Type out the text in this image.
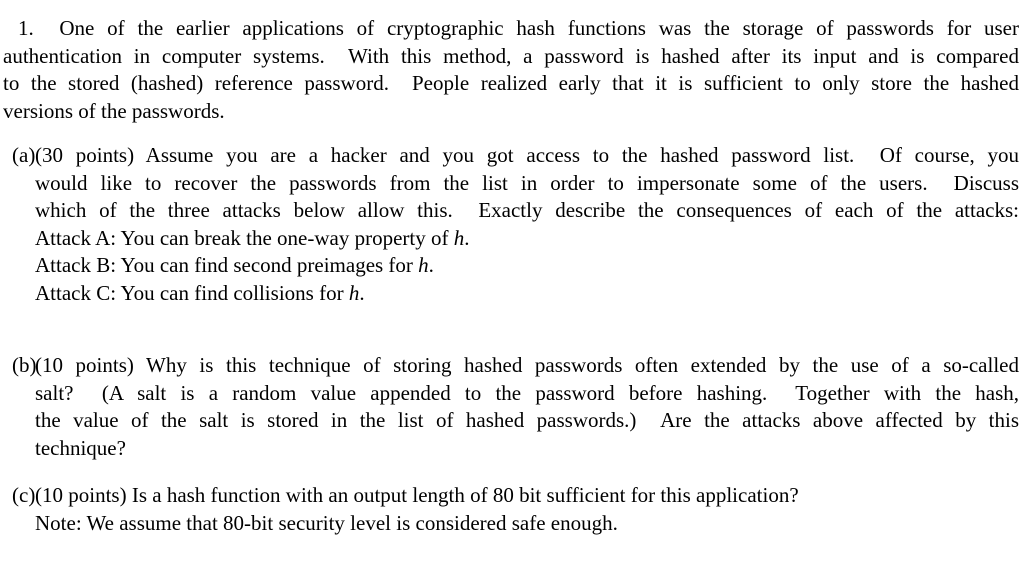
1.  One of the earlier applications of cryptographic hash functions was the storage of passwords for user
authentication in computer systems.  With this method, a password is hashed after its input and is compared
to the stored (hashed) reference password.  People realized early that it is sufficient to only store the hashed
versions of the passwords.
(a) (30 points) Assume you are a hacker and you got access to the hashed password list.  Of course, you
would like to recover the passwords from the list in order to impersonate some of the users.  Discuss
which of the three attacks below allow this.  Exactly describe the consequences of each of the attacks:
Attack A: You can break the one-way property of h.
Attack B: You can find second preimages for h.
Attack C: You can find collisions for h.
(b)
(10 points) Why is this technique of storing hashed passwords often extended by the use of a so-called
salt?  (A salt is a random value appended to the password before hashing.  Together with the hash,
the value of the salt is stored in the list of hashed passwords.)  Are the attacks above affected by this
technique?
(c) (10 points) Is a hash function with an output length of 80 bit sufficient for this application?
Note: We assume that 80-bit security level is considered safe enough.
